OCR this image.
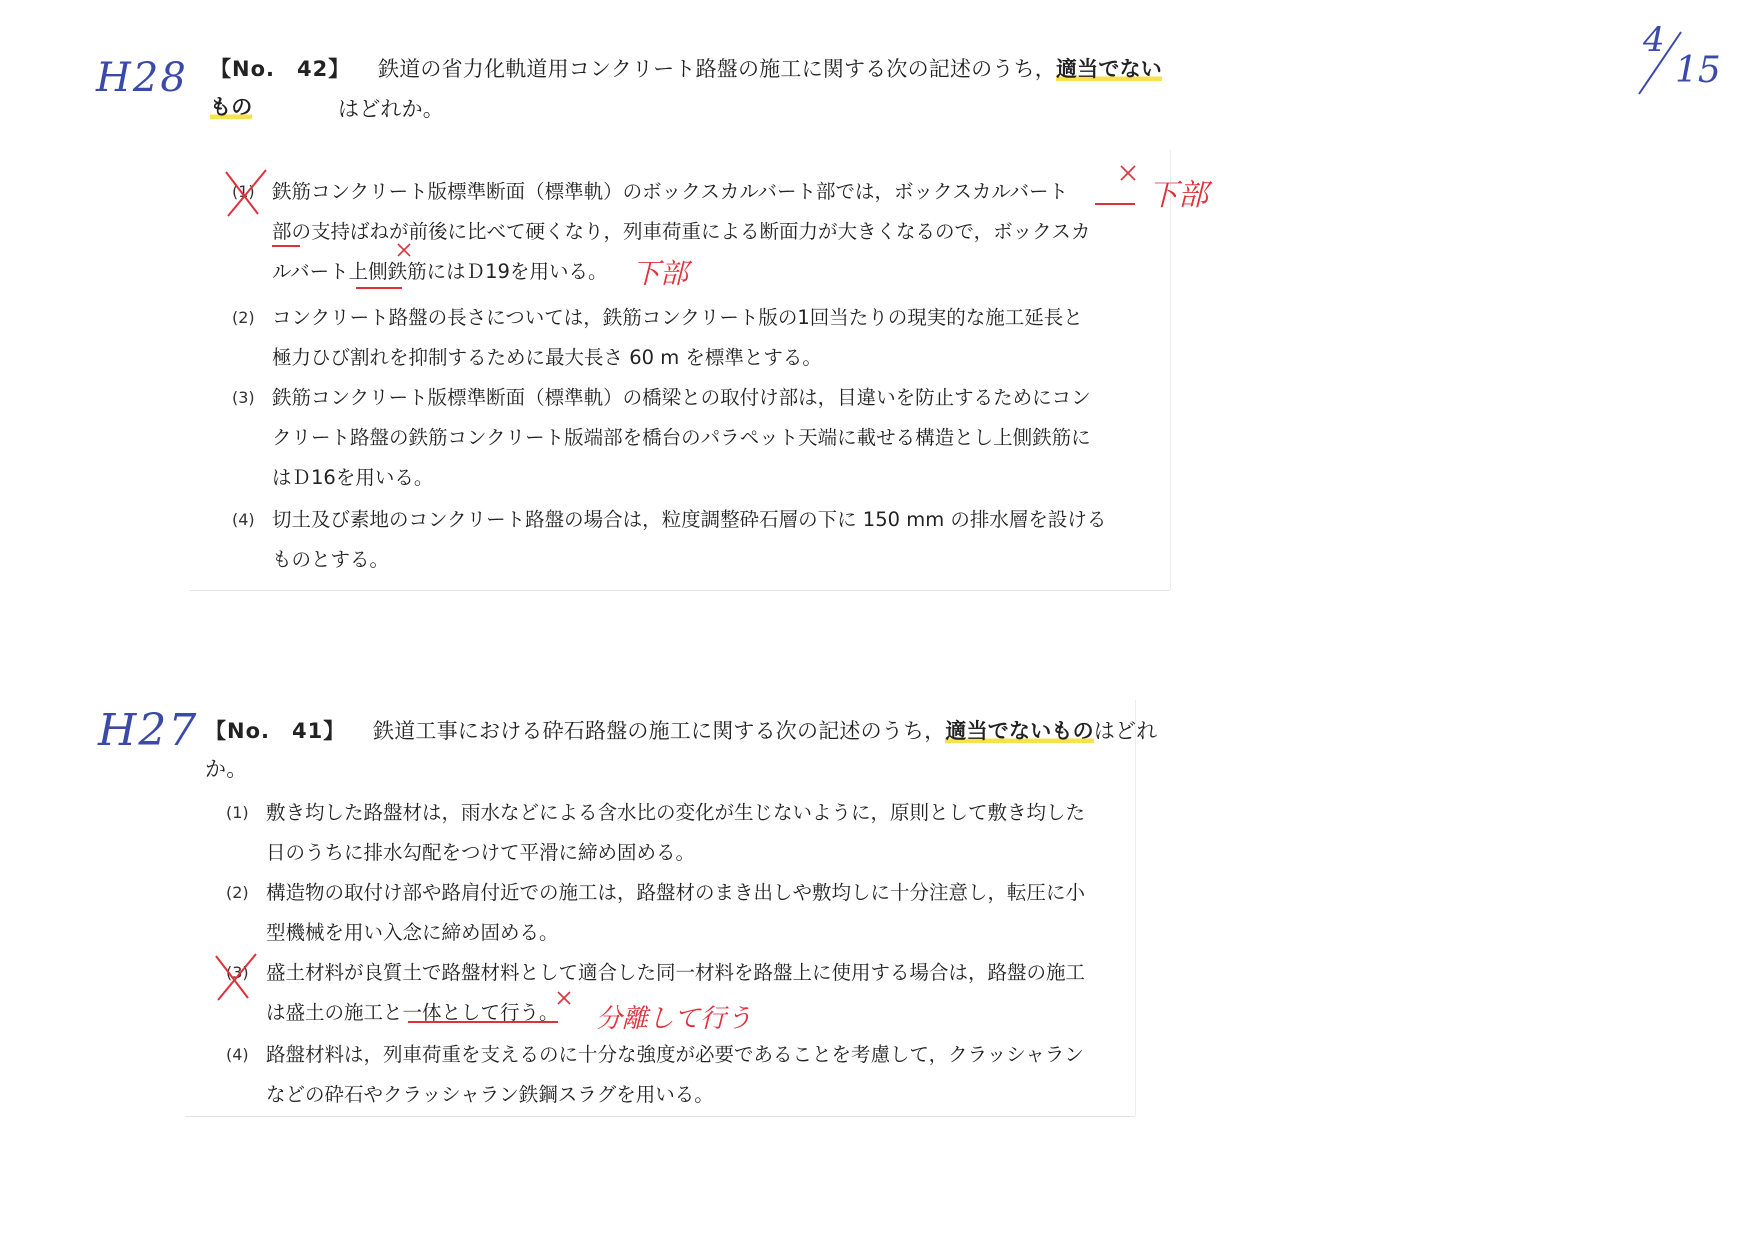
4
15
H28
H27
【No.　42】 鉄道の省力化軌道用コンクリート路盤の施工に関する次の記述のうち，適当でないもの	はどれか。
(1) 鉄筋コンクリート版標準断面（標準軌）のボックスカルバート部では，ボックスカルバート
部の支持ばねが前後に比べて硬くなり，列車荷重による断面力が大きくなるので，ボックスカ
ルバート上側鉄筋にはＤ19を用いる。
下部
下部
(2) コンクリート路盤の長さについては，鉄筋コンクリート版の1回当たりの現実的な施工延長と
極力ひび割れを抑制するために最大長さ 60 m を標準とする。
(3) 鉄筋コンクリート版標準断面（標準軌）の橋梁との取付け部は，目違いを防止するためにコン
クリート路盤の鉄筋コンクリート版端部を橋台のパラペット天端に載せる構造とし上側鉄筋に
はＤ16を用いる。
(4) 切土及び素地のコンクリート路盤の場合は，粒度調整砕石層の下に 150 mm の排水層を設ける
ものとする。
【No.　41】 鉄道工事における砕石路盤の施工に関する次の記述のうち，適当でないものはどれか。
(1) 敷き均した路盤材は，雨水などによる含水比の変化が生じないように，原則として敷き均した
日のうちに排水勾配をつけて平滑に締め固める。
(2) 構造物の取付け部や路肩付近での施工は，路盤材のまき出しや敷均しに十分注意し，転圧に小
型機械を用い入念に締め固める。
(3) 盛土材料が良質土で路盤材料として適合した同一材料を路盤上に使用する場合は，路盤の施工
は盛土の施工と一体として行う。	分離して行う
(4) 路盤材料は，列車荷重を支えるのに十分な強度が必要であることを考慮して，クラッシャラン
などの砕石やクラッシャラン鉄鋼スラグを用いる。
